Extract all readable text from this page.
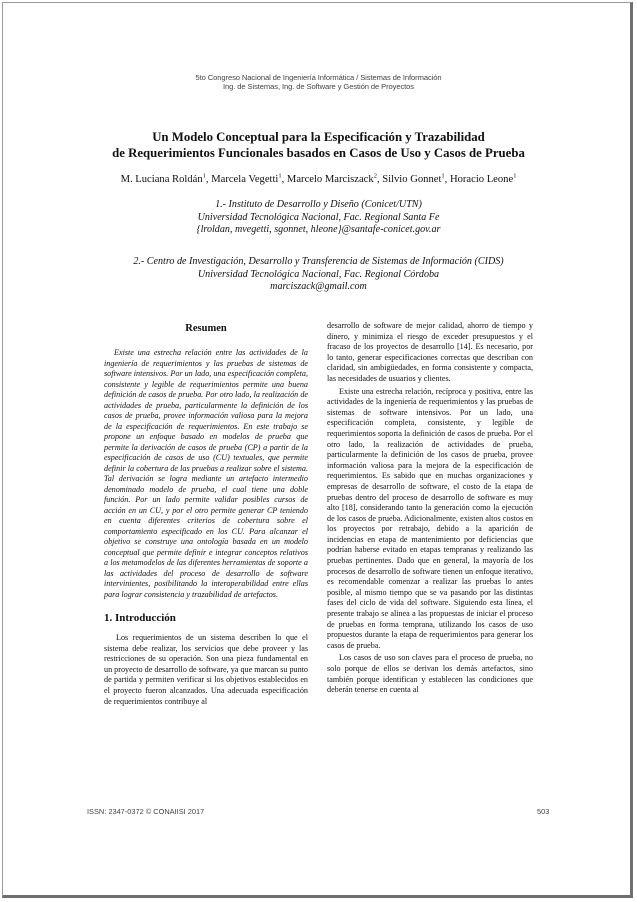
5to Congreso Nacional de Ingeniería Informática / Sistemas de Información
Ing. de Sistemas, Ing. de Software y Gestión de Proyectos
Un Modelo Conceptual para la Especificación y Trazabilidad
de Requerimientos Funcionales basados en Casos de Uso y Casos de Prueba
M. Luciana Roldán$^1$, Marcela Vegetti$^1$, Marcelo Marciszack$^2$, Silvio Gonnet$^1$, Horacio Leone$^1$
1.- Instituto de Desarrollo y Diseño (Conicet/UTN)
Universidad Tecnológica Nacional, Fac. Regional Santa Fe
{lroldan, mvegetti, sgonnet, hleone}@santafe-conicet.gov.ar
2.- Centro de Investigación, Desarrollo y Transferencia de Sistemas de Información (CIDS)
Universidad Tecnológica Nacional, Fac. Regional Córdoba
marciszack@gmail.com
Resumen

Existe una estrecha relación entre las actividades de la ingeniería de requerimientos y las pruebas de sistemas de software intensivos. Por un lado, una especificación completa, consistente y legible de requerimientos permite una buena definición de casos de prueba. Por otro lado, la realización de actividades de prueba, particularmente la definición de los casos de prueba, provee información valiosa para la mejora de la especificación de requerimientos. En este trabajo se propone un enfoque basado en modelos de prueba que permite la derivación de casos de prueba (CP) a partir de la especificación de casos de uso (CU) textuales, que permite definir la cobertura de las pruebas a realizar sobre el sistema. Tal derivación se logra mediante un artefacto intermedio denominado modelo de prueba, el cual tiene una doble función. Por un lado permite validar posibles cursos de acción en un CU, y por el otro permite generar CP teniendo en cuenta diferentes criterios de cobertura sobre el comportamiento especificado en los CU. Para alcanzar el objetivo se construye una ontología basada en un modelo conceptual que permite definir e integrar conceptos relativos a los metamodelos de las diferentes herramientas de soporte a las actividades del proceso de desarrollo de software intervinientes, posibilitando la interoperabilidad entre ellas para lograr consistencia y trazabilidad de artefactos.

1. Introducción

Los requerimientos de un sistema describen lo que el sistema debe realizar, los servicios que debe proveer y las restricciones de su operación. Son una pieza fundamental en un proyecto de desarrollo de software, ya que marcan su punto de partida y permiten verificar si los objetivos establecidos en el proyecto fueron alcanzados. Una adecuada especificación de requerimientos contribuye al

desarrollo de software de mejor calidad, ahorro de tiempo y dinero, y minimiza el riesgo de exceder presupuestos y el fracaso de los proyectos de desarrollo [14]. Es necesario, por lo tanto, generar especificaciones correctas que describan con claridad, sin ambigüedades, en forma consistente y compacta, las necesidades de usuarios y clientes.

Existe una estrecha relación, recíproca y positiva, entre las actividades de la ingeniería de requerimientos y las pruebas de sistemas de software intensivos. Por un lado, una especificación completa, consistente, y legible de requerimientos soporta la definición de casos de prueba. Por el otro lado, la realización de actividades de prueba, particularmente la definición de los casos de prueba, provee información valiosa para la mejora de la especificación de requerimientos. Es sabido que en muchas organizaciones y empresas de desarrollo de software, el costo de la etapa de pruebas dentro del proceso de desarrollo de software es muy alto [18], considerando tanto la generación como la ejecución de los casos de prueba. Adicionalmente, existen altos costos en los proyectos por retrabajo, debido a la aparición de incidencias en etapa de mantenimiento por deficiencias que podrían haberse evitado en etapas tempranas y realizando las pruebas pertinentes. Dado que en general, la mayoría de los procesos de desarrollo de software tienen un enfoque iterativo, es recomendable comenzar a realizar las pruebas lo antes posible, al mismo tiempo que se va pasando por las distintas fases del ciclo de vida del software. Siguiendo esta línea, el presente trabajo se alinea a las propuestas de iniciar el proceso de pruebas en forma temprana, utilizando los casos de uso propuestos durante la etapa de requerimientos para generar los casos de prueba.

Los casos de uso son claves para el proceso de prueba, no solo porque de ellos se derivan los demás artefactos, sino también porque identifican y establecen las condiciones que deberán tenerse en cuenta al

ISSN: 2347-0372 © CONAIISI 2017	503
